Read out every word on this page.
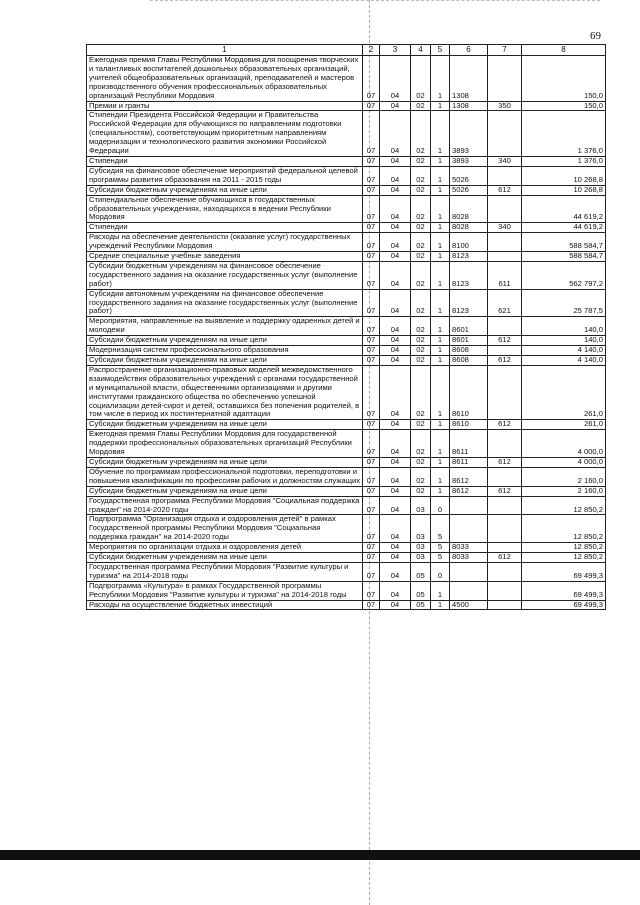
69
1	2	3	4	5	6	7	8
Ежегодная премия Главы Республики Мордовия для поощрения творческих и талантливых воспитателей дошкольных образовательных организаций, учителей общеобразовательных организаций, преподавателей и мастеров производственного обучения профессиональных образовательных организаций Республики Мордовия	07	04	02	1	1308		150,0
Премии и гранты	07	04	02	1	1308	350	150,0
Стипендии Президента Российской Федерации и Правительства Российской Федерации для обучающихся по направлениям подготовки (специальностям), соответствующим приоритетным направлениям модернизации и технологического развития экономики Российской Федерации	07	04	02	1	3893		1 376,0
Стипендии	07	04	02	1	3893	340	1 376,0
Субсидия на финансовое обеспечение мероприятий федеральной целевой программы развития образования на 2011 - 2015 годы	07	04	02	1	5026		10 268,8
Субсидии бюджетным учреждениям на иные цели	07	04	02	1	5026	612	10 268,8
Стипендиальное обеспечение обучающихся в государственных образовательных учреждениях, находящихся в ведении Республики Мордовия	07	04	02	1	8028		44 619,2
Стипендии	07	04	02	1	8028	340	44 619,2
Расходы на обеспечение деятельности (оказание услуг) государственных учреждений Республики Мордовия	07	04	02	1	8100		588 584,7
Средние специальные учебные заведения	07	04	02	1	8123		588 584,7
Субсидии бюджетным учреждениям на финансовое обеспечение государственного задания на оказание государственных услуг (выполнение работ)	07	04	02	1	8123	611	562 797,2
Субсидии автономным учреждениям на финансовое обеспечение государственного задания на оказание государственных услуг (выполнение работ)	07	04	02	1	8123	621	25 787,5
Мероприятия, направленные на выявление и поддержку одаренных детей и молодежи	07	04	02	1	8601		140,0
Субсидии бюджетным учреждениям на иные цели	07	04	02	1	8601	612	140,0
Модернизация систем профессионального образования	07	04	02	1	8608		4 140,0
Субсидии бюджетным учреждениям на иные цели	07	04	02	1	8608	612	4 140,0
Распространение организационно-правовых моделей межведомственного взаимодействия образовательных учреждений с органами государственной и муниципальной власти, общественными организациями и другими институтами гражданского общества по обеспечению успешной социализации детей-сирот и детей, оставшихся без попечения родителей, в том числе в период их постинтернатной адаптации	07	04	02	1	8610		261,0
Субсидии бюджетным учреждениям на иные цели	07	04	02	1	8610	612	261,0
Ежегодная премия Главы Республики Мордовия для государственной поддержки профессиональных образовательных организаций Республики Мордовия	07	04	02	1	8611		4 000,0
Субсидии бюджетным учреждениям на иные цели	07	04	02	1	8611	612	4 000,0
Обучение по программам профессиональной подготовки, переподготовки и повышения квалификации по профессиям рабочих и должностям служащих	07	04	02	1	8612		2 160,0
Субсидии бюджетным учреждениям на иные цели	07	04	02	1	8612	612	2 160,0
Государственная программа Республики Мордовия "Социальная поддержка граждан" на 2014-2020 годы	07	04	03	0			12 850,2
Подпрограмма "Организация отдыха и оздоровления детей" в рамках Государственной программы Республики Мордовия "Социальная поддержка граждан" на 2014-2020 годы	07	04	03	5			12 850,2
Мероприятия по организации отдыха и оздоровления детей	07	04	03	5	8033		12 850,2
Субсидии бюджетным учреждениям на иные цели	07	04	03	5	8033	612	12 850,2
Государственная программа Республики Мордовия "Развитие культуры и туризма" на 2014-2018 годы	07	04	05	0			69 499,3
Подпрограмма «Культура» в рамках Государственной программы Республики Мордовия "Развитие культуры и туризма" на 2014-2018 годы	07	04	05	1			69 499,3
Расходы на осуществление бюджетных инвестиций	07	04	05	1	4500		69 499,3
